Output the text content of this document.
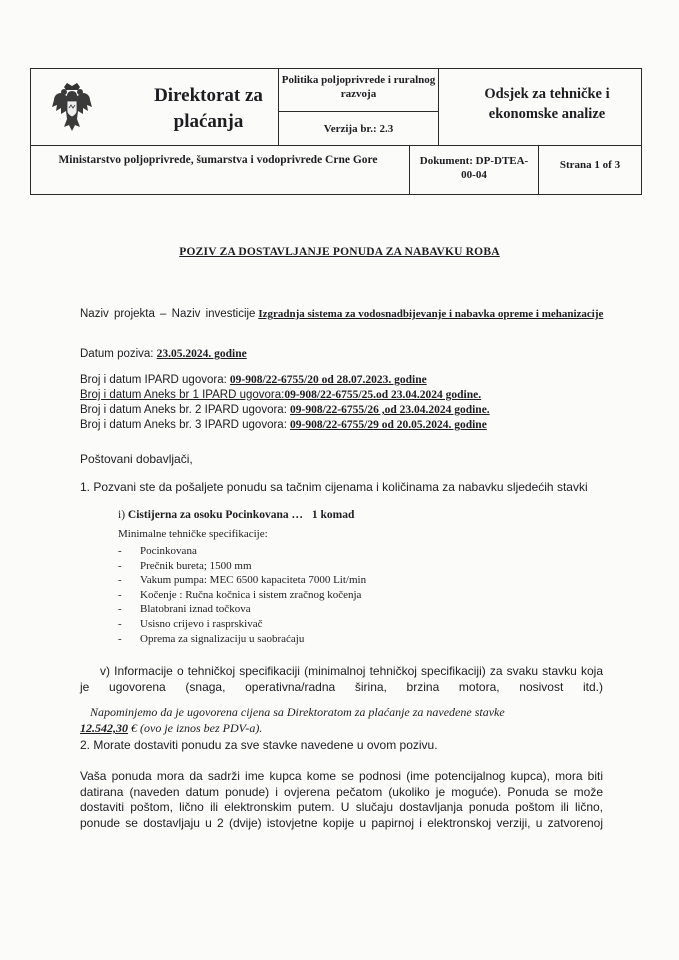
Direktorat za plaćanja
Politika poljoprivrede i ruralnog razvoja
Verzija br.: 2.3
Odsjek za tehničke i ekonomske analize
Ministarstvo poljoprivrede, šumarstva i vodoprivrede Crne Gore	Dokument: DP-DTEA-00-04
Strana 1 of 3
POZIV ZA DOSTAVLJANJE PONUDA ZA NABAVKU ROBA
Naziv projekta – Naziv investicije Izgradnja sistema za vodosnadbijevanje i nabavka opreme i mehanizacije
Datum poziva: 23.05.2024. godine
Broj i datum IPARD ugovora: 09-908/22-6755/20 od 28.07.2023. godine
Broj i datum Aneks br 1 IPARD ugovora:09-908/22-6755/25.od 23.04.2024 godine.
Broj i datum Aneks br. 2 IPARD ugovora: 09-908/22-6755/26 ,od 23.04.2024 godine.
Broj i datum Aneks br. 3 IPARD ugovora: 09-908/22-6755/29 od 20.05.2024. godine
Poštovani dobavljači,
1. Pozvani ste da pošaljete ponudu sa tačnim cijenama i količinama za nabavku sljedećih stavki
i) Cistijerna za osoku Pocinkovana … 1 komad
Minimalne tehničke specifikacije:
- Pocinkovana
- Prečnik bureta; 1500 mm
- Vakum pumpa: MEC 6500 kapaciteta 7000 Lit/min
- Kočenje : Ručna kočnica i sistem zračnog kočenja
- Blatobrani iznad točkova
- Usisno crijevo i rasprskivač
- Oprema za signalizaciju u saobraćaju
v) Informacije o tehničkoj specifikaciji (minimalnoj tehničkoj specifikaciji) za svaku stavku koja je ugovorena (snaga, operativna/radna širina, brzina motora, nosivost itd.)
Napominjemo da je ugovorena cijena sa Direktoratom za plaćanje za navedene stavke
12.542,30 € (ovo je iznos bez PDV-a).
2. Morate dostaviti ponudu za sve stavke navedene u ovom pozivu.
Vaša ponuda mora da sadrži ime kupca kome se podnosi (ime potencijalnog kupca), mora biti datirana (naveden datum ponude) i ovjerena pečatom (ukoliko je moguće). Ponuda se može dostaviti poštom, lično ili elektronskim putem. U slučaju dostavljanja ponuda poštom ili lično, ponude se dostavljaju u 2 (dvije) istovjetne kopije u papirnoj i elektronskoj verziji, u zatvorenoj
